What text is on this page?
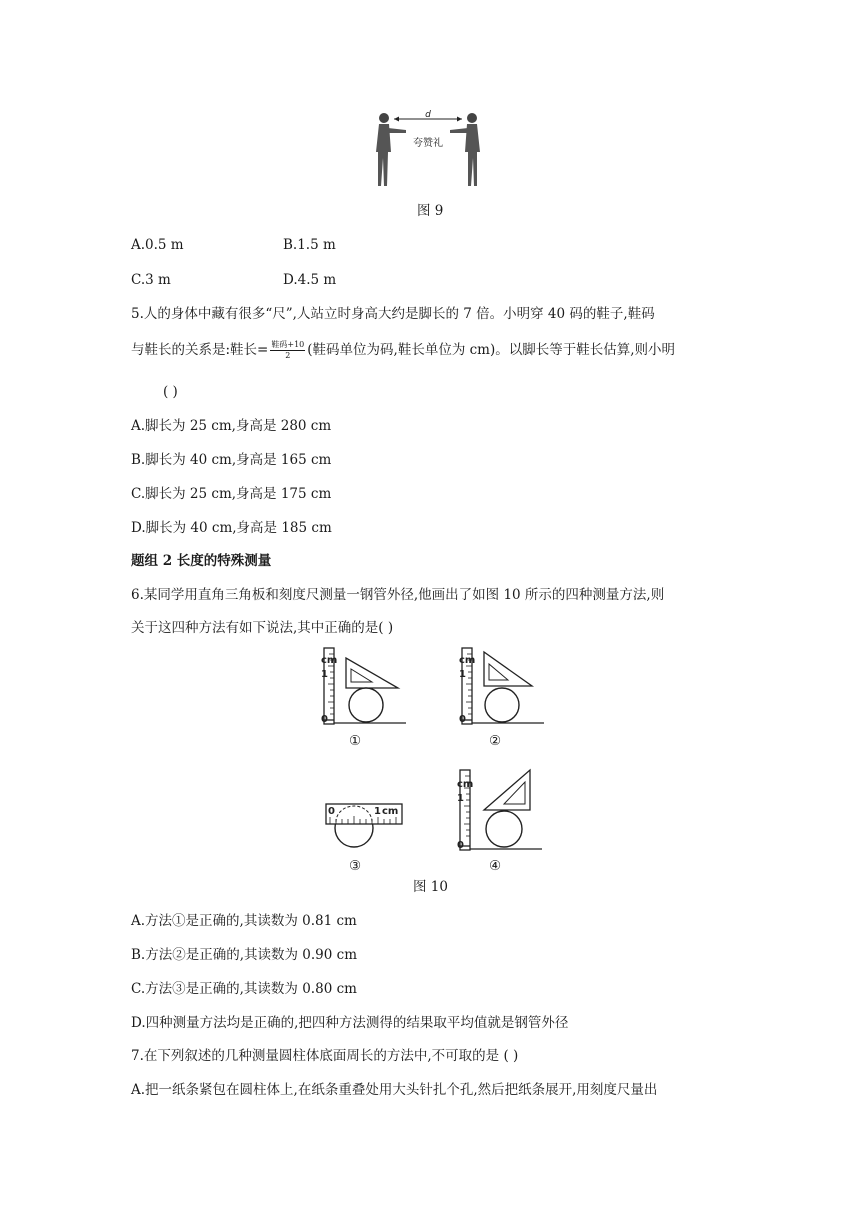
d
夸赞礼
图 9
A.0.5 m	B.1.5 m
C.3 m	D.4.5 m
5.人的身体中藏有很多“尺”,人站立时身高大约是脚长的 7 倍。小明穿 40 码的鞋子,鞋码
与鞋长的关系是:鞋长= $\frac{\text{鞋码+10}}{2}$ (鞋码单位为码,鞋长单位为 cm)。以脚长等于鞋长估算,则小明
( )
A.脚长为 25 cm,身高是 280 cm
B.脚长为 40 cm,身高是 165 cm
C.脚长为 25 cm,身高是 175 cm
D.脚长为 40 cm,身高是 185 cm
题组 2 长度的特殊测量
6.某同学用直角三角板和刻度尺测量一钢管外径,他画出了如图 10 所示的四种测量方法,则
关于这四种方法有如下说法,其中正确的是( )
cm
1
0
①
cm
1
0
②
0	1 cm
③
cm
1
0
④
图 10
A.方法①是正确的,其读数为 0.81 cm
B.方法②是正确的,其读数为 0.90 cm
C.方法③是正确的,其读数为 0.80 cm
D.四种测量方法均是正确的,把四种方法测得的结果取平均值就是钢管外径
7.在下列叙述的几种测量圆柱体底面周长的方法中,不可取的是 ( )
A.把一纸条紧包在圆柱体上,在纸条重叠处用大头针扎个孔,然后把纸条展开,用刻度尺量出
